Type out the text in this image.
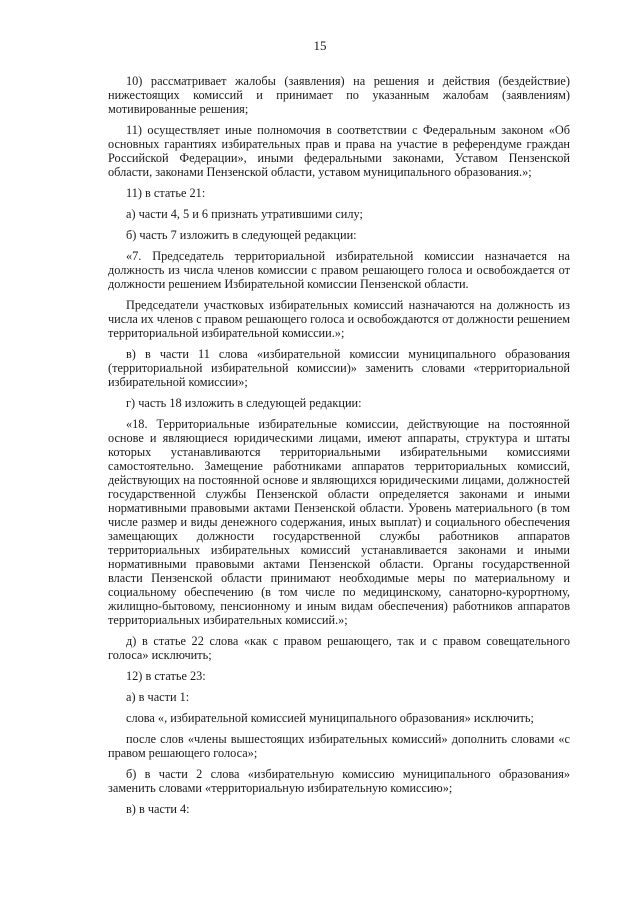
15

10) рассматривает жалобы (заявления) на решения и действия (бездействие) нижестоящих комиссий и принимает по указанным жалобам (заявлениям) мотивированные решения;

11) осуществляет иные полномочия в соответствии с Федеральным законом «Об основных гарантиях избирательных прав и права на участие в референдуме граждан Российской Федерации», иными федеральными законами, Уставом Пензенской области, законами Пензенской области, уставом муниципального образования.»;

11) в статье 21:

а) части 4, 5 и 6 признать утратившими силу;

б) часть 7 изложить в следующей редакции:

«7. Председатель территориальной избирательной комиссии назначается на должность из числа членов комиссии с правом решающего голоса и освобождается от должности решением Избирательной комиссии Пензенской области.

Председатели участковых избирательных комиссий назначаются на должность из числа их членов с правом решающего голоса и освобождаются от должности решением территориальной избирательной комиссии.»;

в) в части 11 слова «избирательной комиссии муниципального образования (территориальной избирательной комиссии)» заменить словами «территориальной избирательной комиссии»;

г) часть 18 изложить в следующей редакции:

«18. Территориальные избирательные комиссии, действующие на постоянной основе и являющиеся юридическими лицами, имеют аппараты, структура и штаты которых устанавливаются территориальными избирательными комиссиями самостоятельно. Замещение работниками аппаратов территориальных комиссий, действующих на постоянной основе и являющихся юридическими лицами, должностей государственной службы Пензенской области определяется законами и иными нормативными правовыми актами Пензенской области. Уровень материального (в том числе размер и виды денежного содержания, иных выплат) и социального обеспечения замещающих должности государственной службы работников аппаратов территориальных избирательных комиссий устанавливается законами и иными нормативными правовыми актами Пензенской области. Органы государственной власти Пензенской области принимают необходимые меры по материальному и социальному обеспечению (в том числе по медицинскому, санаторно-курортному, жилищно-бытовому, пенсионному и иным видам обеспечения) работников аппаратов территориальных избирательных комиссий.»;

д) в статье 22 слова «как с правом решающего, так и с правом совещательного голоса» исключить;

12) в статье 23:

а) в части 1:

слова «, избирательной комиссией муниципального образования» исключить;

после слов «члены вышестоящих избирательных комиссий» дополнить словами «с правом решающего голоса»;

б) в части 2 слова «избирательную комиссию муниципального образования» заменить словами «территориальную избирательную комиссию»;

в) в части 4:
